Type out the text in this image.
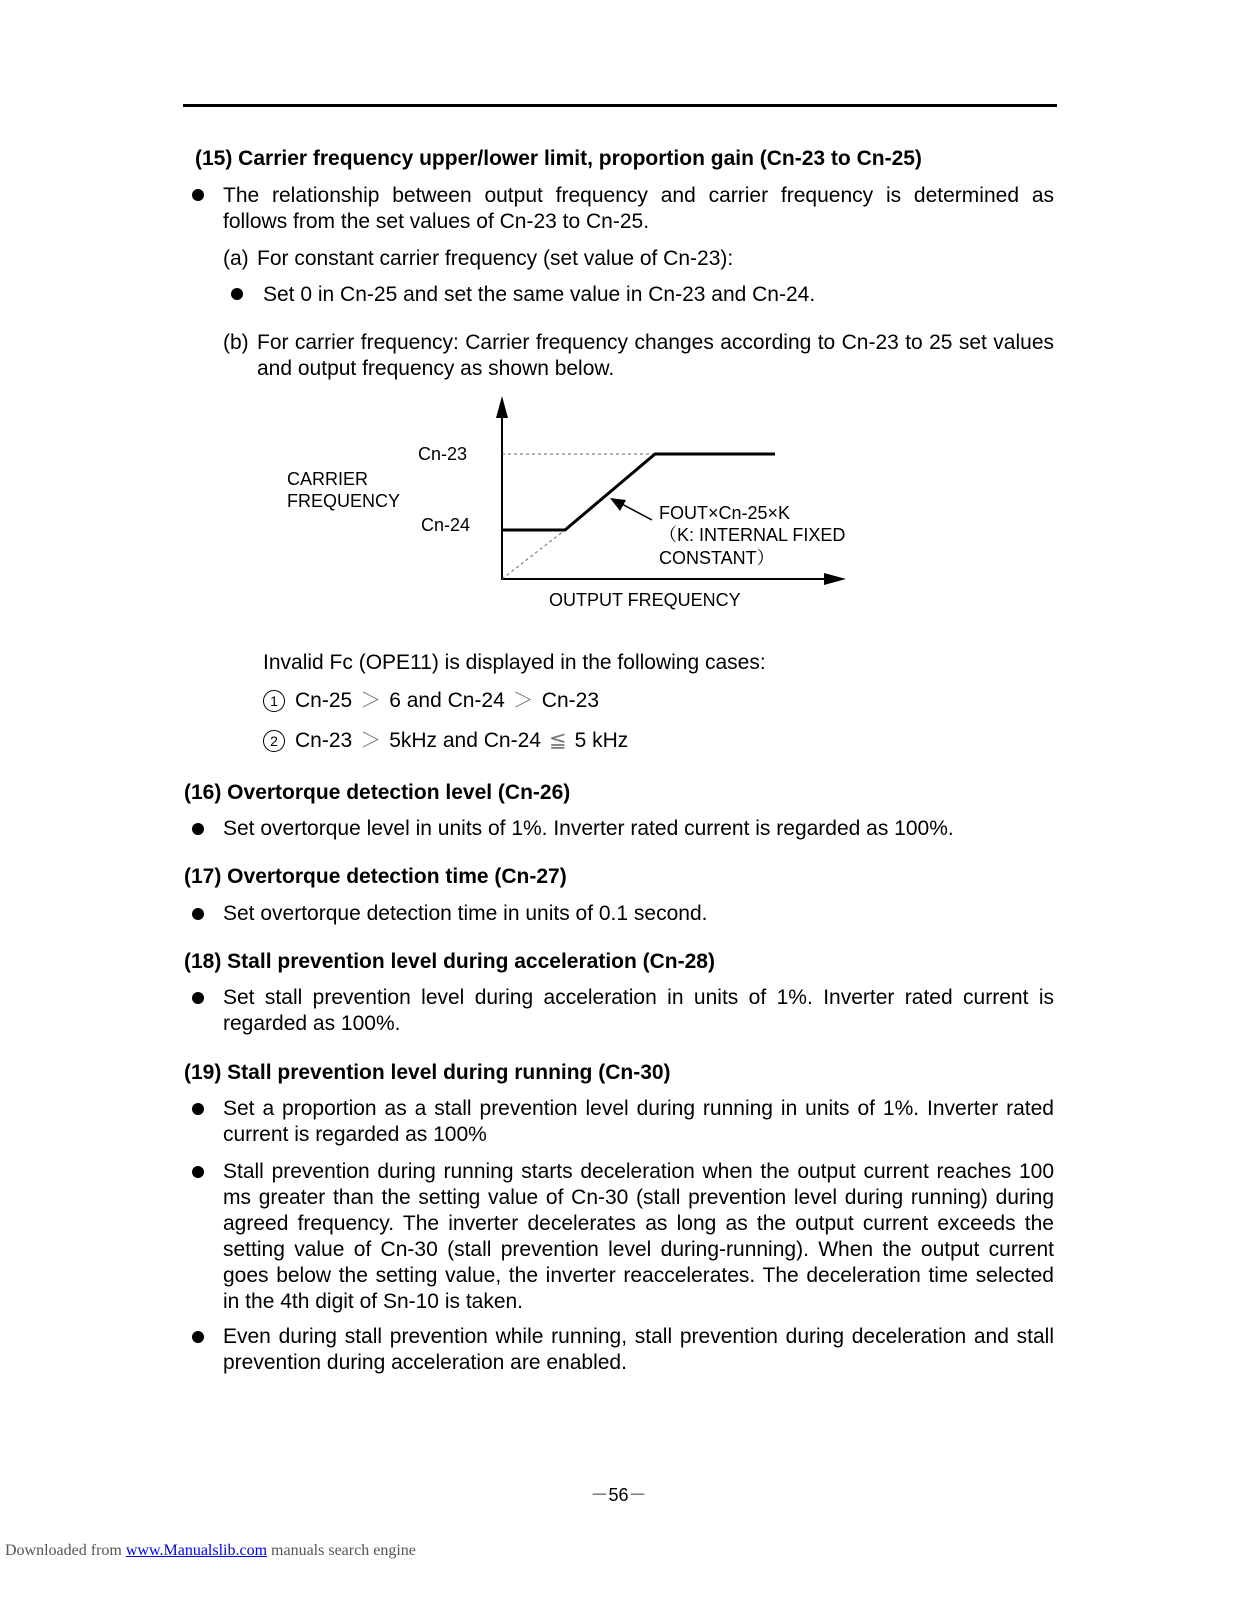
(15) Carrier frequency upper/lower limit, proportion gain (Cn-23 to Cn-25)
The relationship between output frequency and carrier frequency is determined as follows from the set values of Cn-23 to Cn-25.
(a) For constant carrier frequency (set value of Cn-23):
Set 0 in Cn-25 and set the same value in Cn-23 and Cn-24.
(b) For carrier frequency: Carrier frequency changes according to Cn-23 to 25 set values and output frequency as shown below.
CARRIER
FREQUENCY
Cn-23
Cn-24
FOUT×Cn-25×K
（K: INTERNAL FIXED
CONSTANT）
OUTPUT FREQUENCY
Invalid Fc (OPE11) is displayed in the following cases:
1 Cn-25 ＞ 6 and Cn-24 ＞ Cn-23
2 Cn-23 ＞ 5kHz and Cn-24 ≦ 5 kHz
(16) Overtorque detection level (Cn-26)
Set overtorque level in units of 1%. Inverter rated current is regarded as 100%.
(17) Overtorque detection time (Cn-27)
Set overtorque detection time in units of 0.1 second.
(18) Stall prevention level during acceleration (Cn-28)
Set stall prevention level during acceleration in units of 1%. Inverter rated current is regarded as 100%.
(19) Stall prevention level during running (Cn-30)
Set a proportion as a stall prevention level during running in units of 1%. Inverter rated current is regarded as 100%
Stall prevention during running starts deceleration when the output current reaches 100 ms greater than the setting value of Cn-30 (stall prevention level during running) during agreed frequency. The inverter decelerates as long as the output current exceeds the setting value of Cn-30 (stall prevention level during-running). When the output current goes below the setting value, the inverter reaccelerates. The deceleration time selected in the 4th digit of Sn-10 is taken.
Even during stall prevention while running, stall prevention during deceleration and stall prevention during acceleration are enabled.
－56－
Downloaded from www.Manualslib.com manuals search engine
